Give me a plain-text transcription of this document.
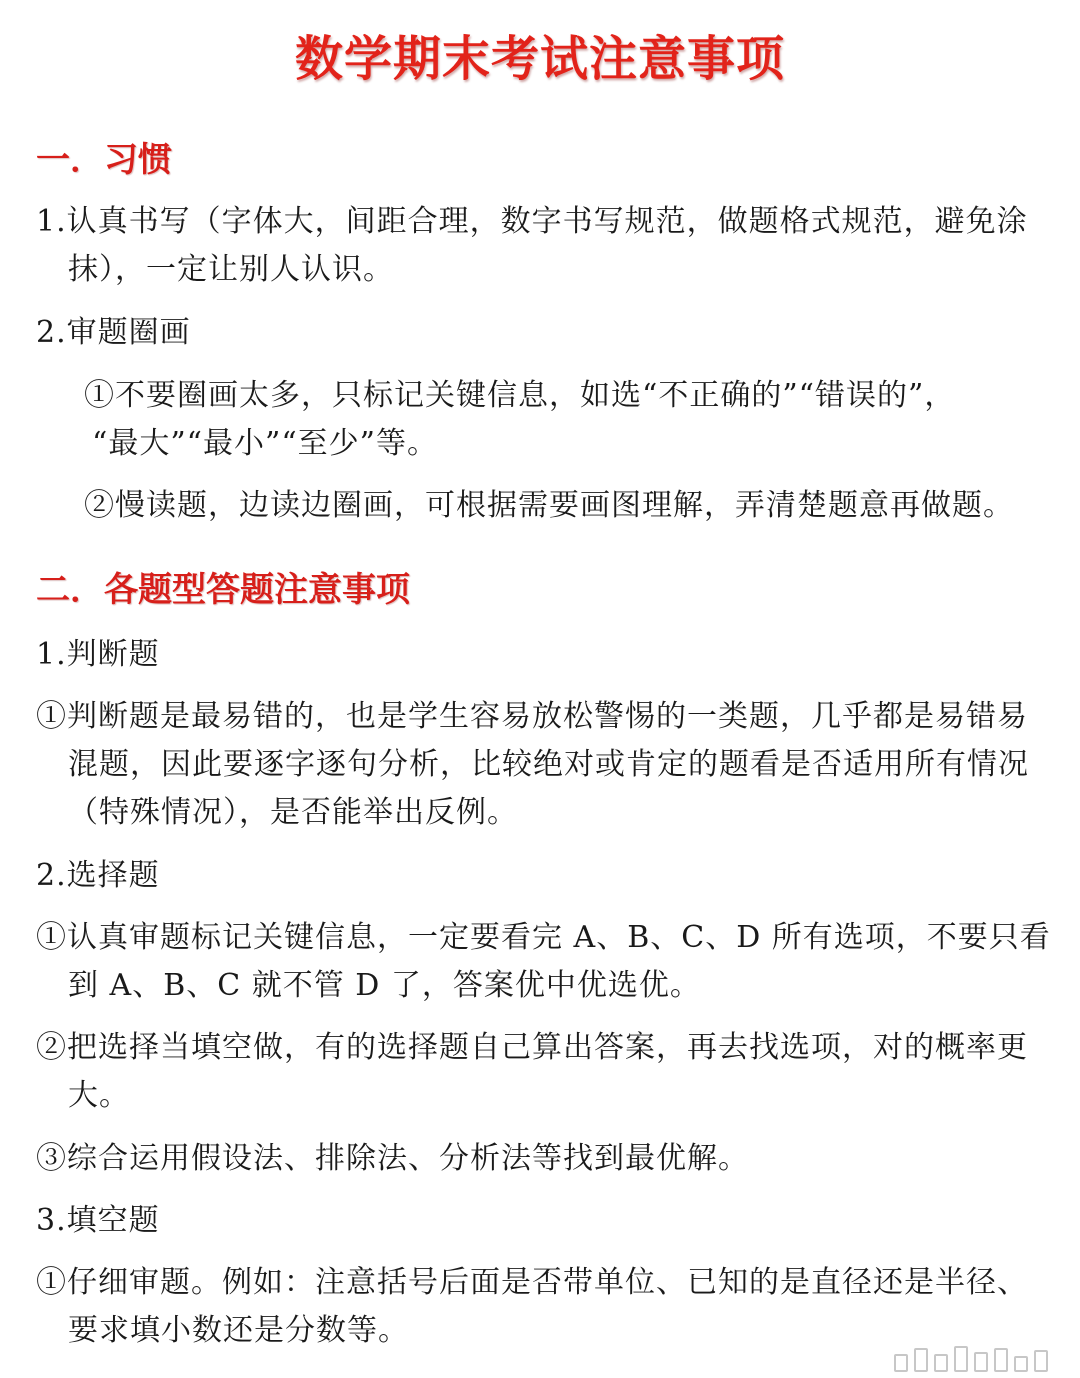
数学期末考试注意事项
一．习惯
1.认真书写（字体大，间距合理，数字书写规范，做题格式规范，避免涂
抹），一定让别人认识。
2.审题圈画
①不要圈画太多，只标记关键信息，如选“不正确的”“错误的”，
“最大”“最小”“至少”等。
②慢读题，边读边圈画，可根据需要画图理解，弄清楚题意再做题。
二．各题型答题注意事项
1.判断题
①判断题是最易错的，也是学生容易放松警惕的一类题，几乎都是易错易
混题，因此要逐字逐句分析，比较绝对或肯定的题看是否适用所有情况
（特殊情况），是否能举出反例。
2.选择题
①认真审题标记关键信息，一定要看完 A、B、C、D 所有选项，不要只看
到 A、B、C 就不管 D 了，答案优中优选优。
②把选择当填空做，有的选择题自己算出答案，再去找选项，对的概率更
大。
③综合运用假设法、排除法、分析法等找到最优解。
3.填空题
①仔细审题。例如：注意括号后面是否带单位、已知的是直径还是半径、
要求填小数还是分数等。
